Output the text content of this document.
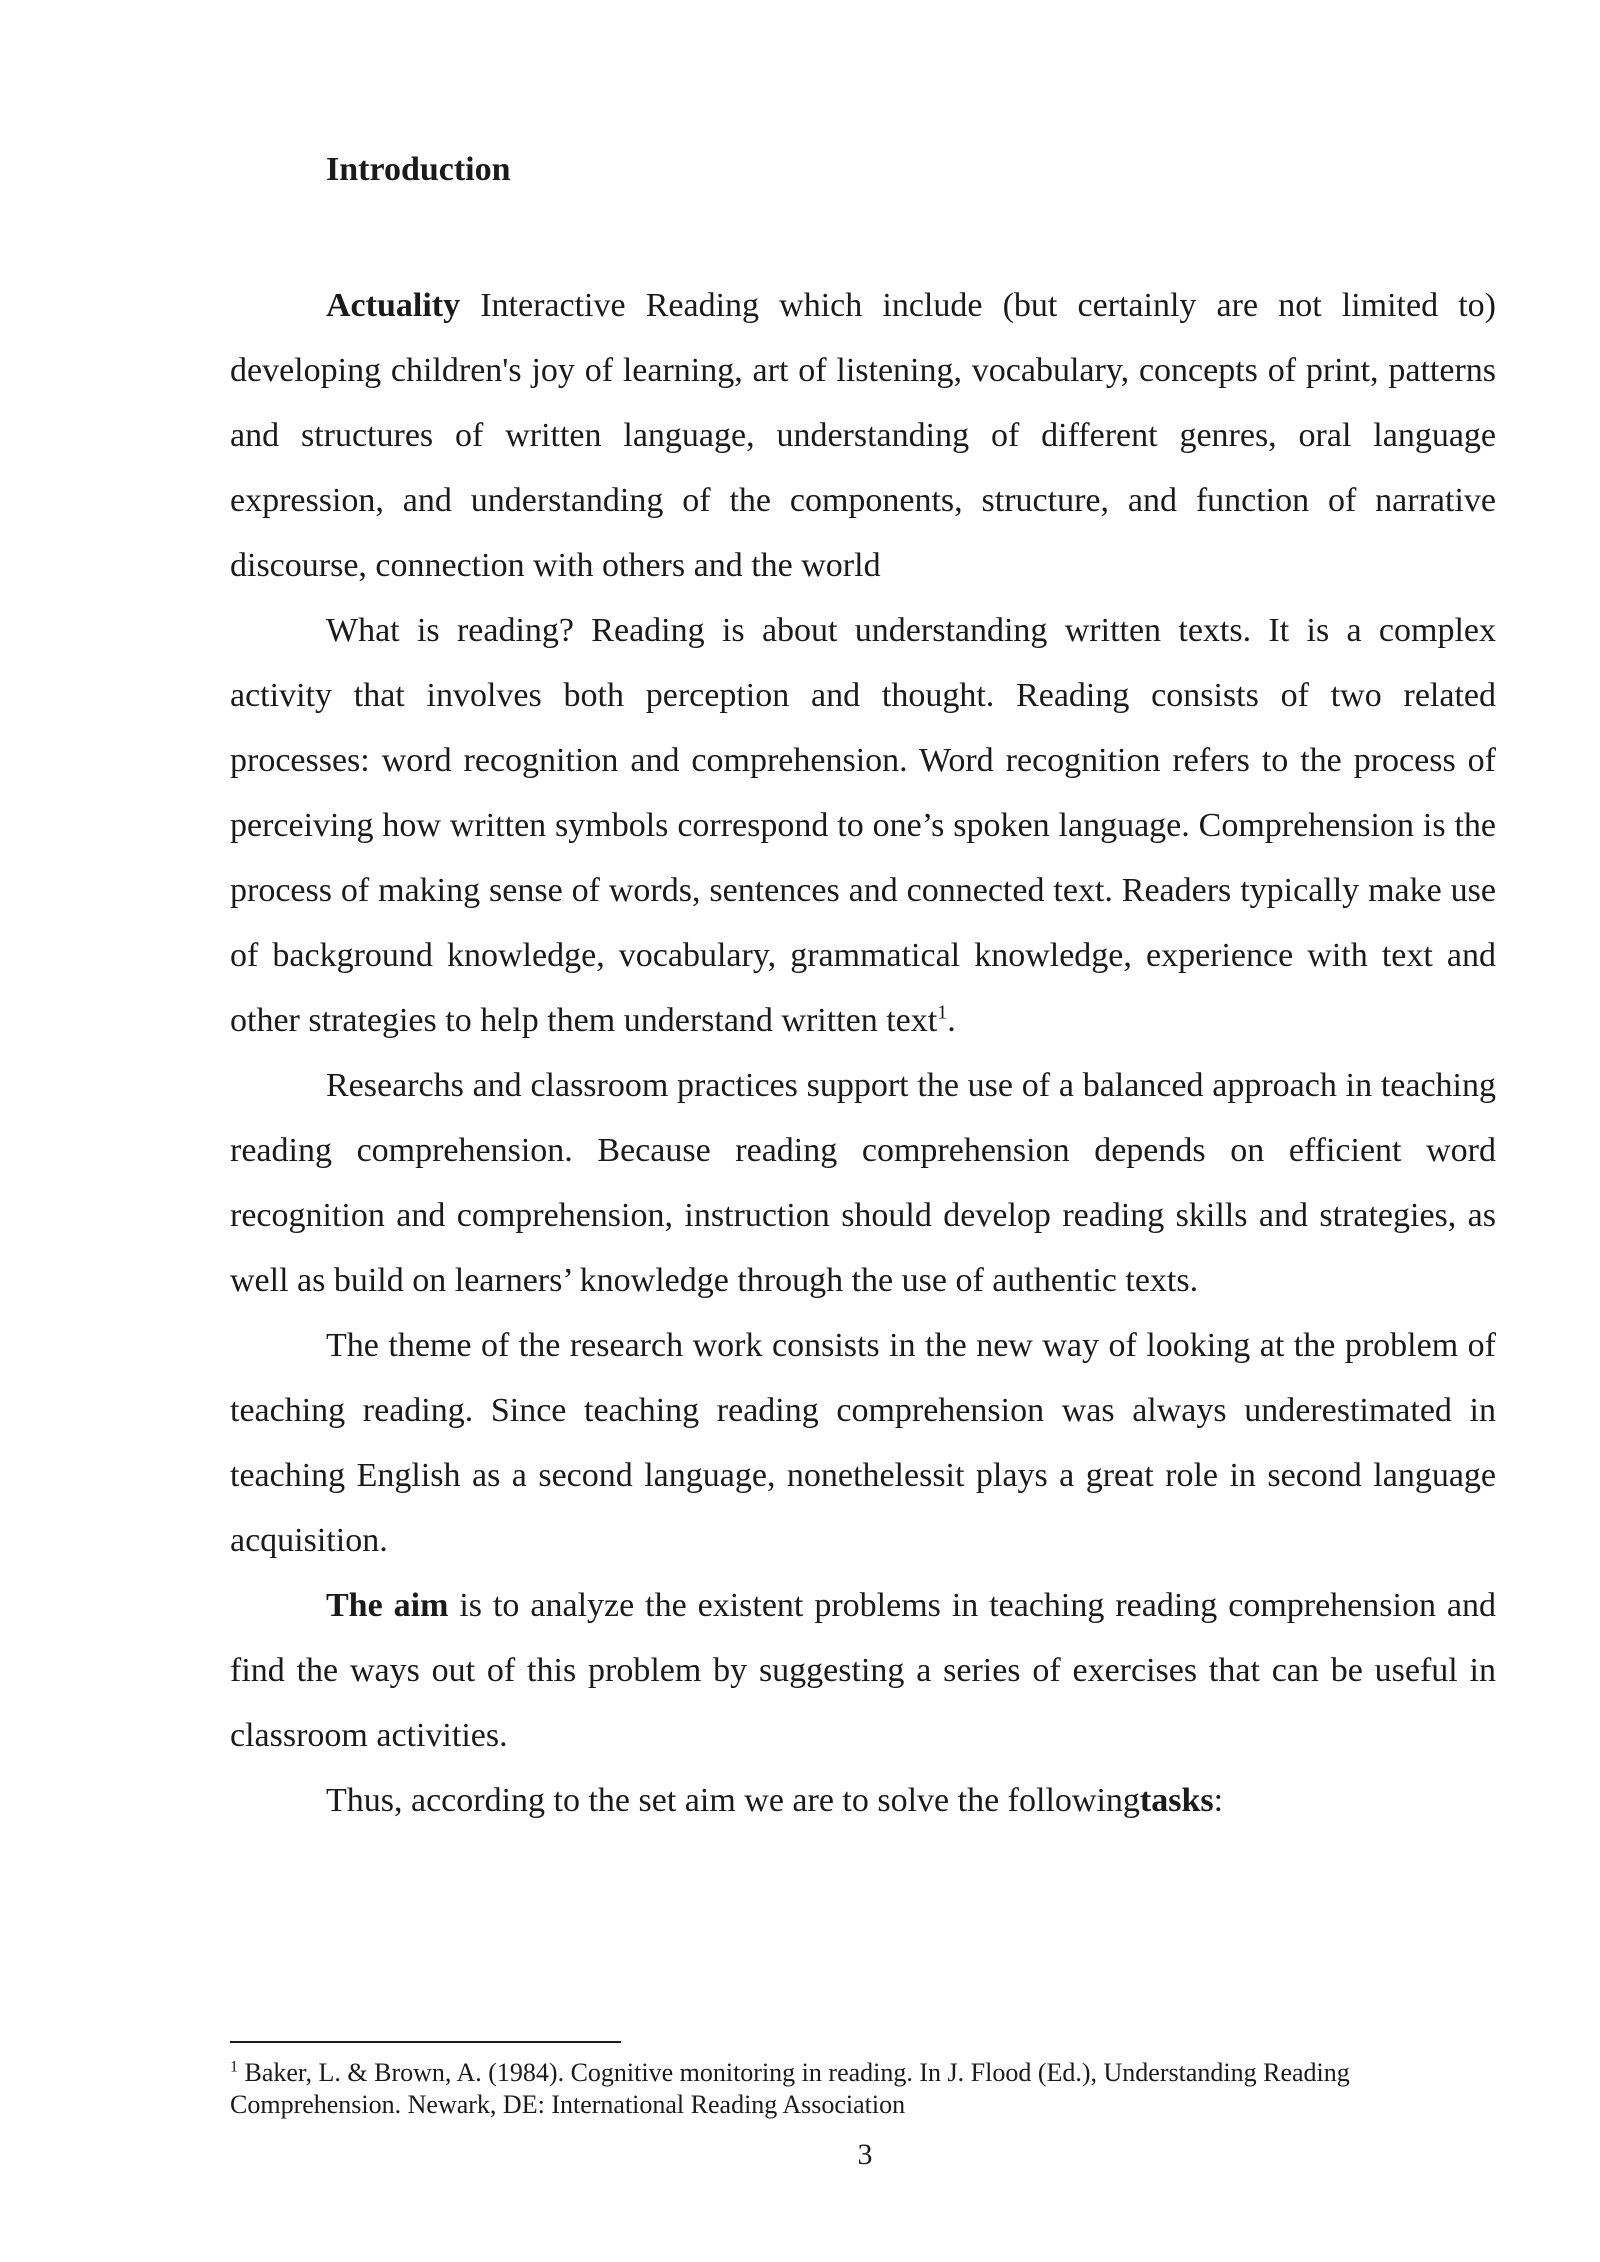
Introduction

Actuality Interactive Reading which include (but certainly are not limited to) developing children's joy of learning, art of listening, vocabulary, concepts of print, patterns and structures of written language, understanding of different genres, oral language expression, and understanding of the components, structure, and function of narrative discourse, connection with others and the world

What is reading? Reading is about understanding written texts. It is a complex activity that involves both perception and thought. Reading consists of two related processes: word recognition and comprehension. Word recognition refers to the process of perceiving how written symbols correspond to one’s spoken language. Comprehension is the process of making sense of words, sentences and connected text. Readers typically make use of background knowledge, vocabulary, grammatical knowledge, experience with text and other strategies to help them understand written text$^1$.

Researchs and classroom practices support the use of a balanced approach in teaching reading comprehension. Because reading comprehension depends on efficient word recognition and comprehension, instruction should develop reading skills and strategies, as well as build on learners’ knowledge through the use of authentic texts.

The theme of the research work consists in the new way of looking at the problem of teaching reading. Since teaching reading comprehension was always underestimated in teaching English as a second language, nonethelessit plays a great role in second language acquisition.

The aim is to analyze the existent problems in teaching reading comprehension and find the ways out of this problem by suggesting a series of exercises that can be useful in classroom activities.

Thus, according to the set aim we are to solve the followingtasks:

$^1$ Baker, L. & Brown, A. (1984). Cognitive monitoring in reading. In J. Flood (Ed.), Understanding Reading Comprehension. Newark, DE: International Reading Association
3
